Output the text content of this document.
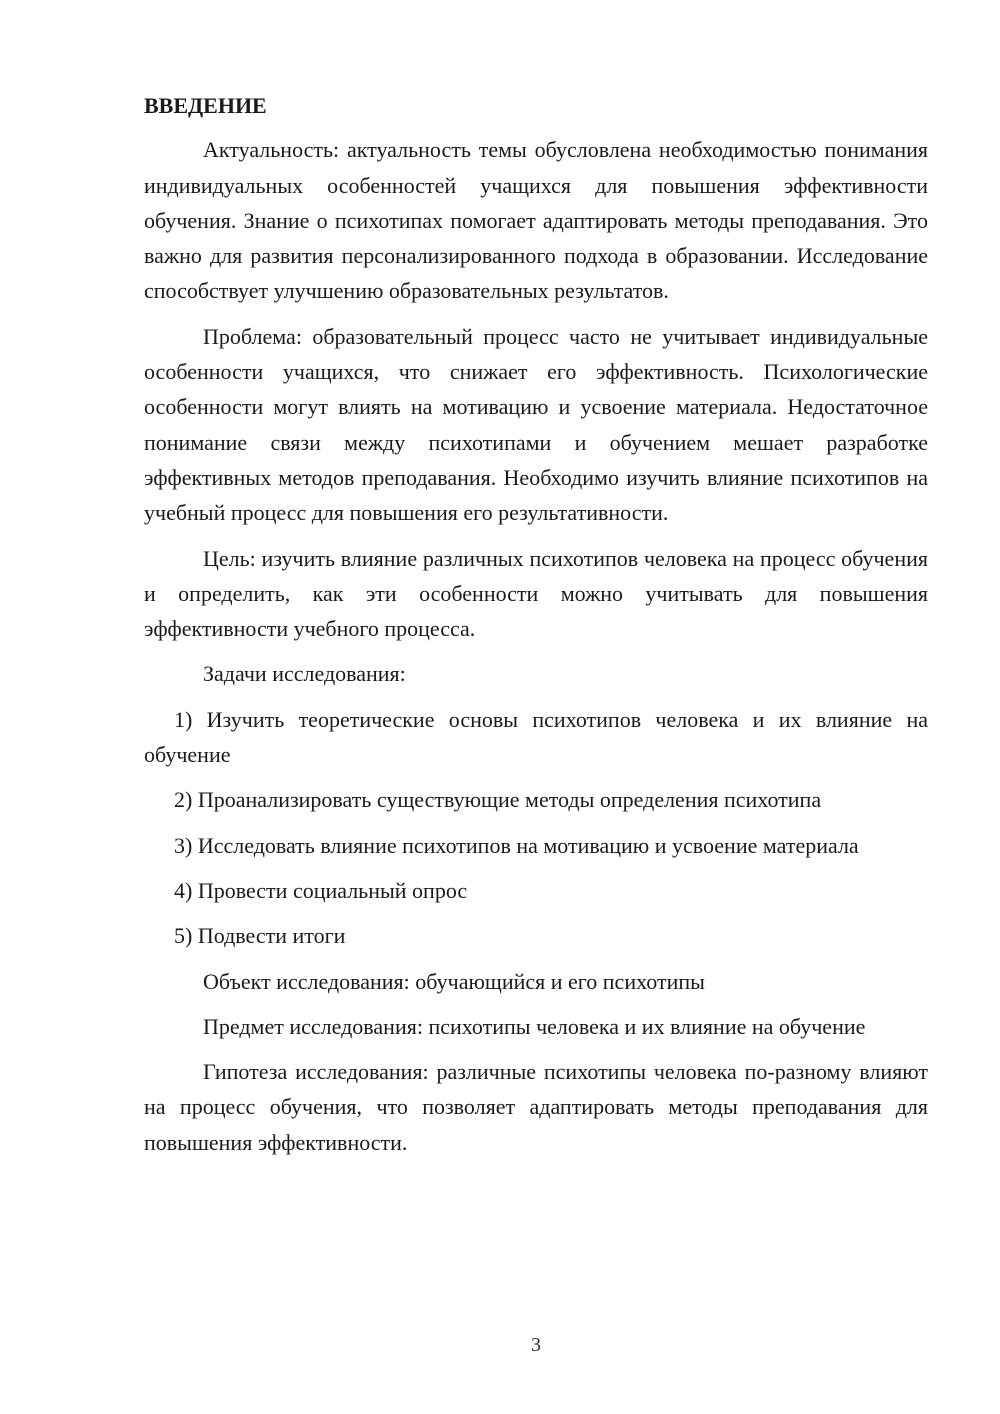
ВВЕДЕНИЕ

Актуальность: актуальность темы обусловлена необходимостью понимания индивидуальных особенностей учащихся для повышения эффективности обучения. Знание о психотипах помогает адаптировать методы преподавания. Это важно для развития персонализированного подхода в образовании. Исследование способствует улучшению образовательных результатов.

Проблема: образовательный процесс часто не учитывает индивидуальные особенности учащихся, что снижает его эффективность. Психологические особенности могут влиять на мотивацию и усвоение материала. Недостаточное понимание связи между психотипами и обучением мешает разработке эффективных методов преподавания. Необходимо изучить влияние психотипов на учебный процесс для повышения его результативности.

Цель: изучить влияние различных психотипов человека на процесс обучения и определить, как эти особенности можно учитывать для повышения эффективности учебного процесса.

Задачи исследования:

1) Изучить теоретические основы психотипов человека и их влияние на обучение

2) Проанализировать существующие методы определения психотипа

3) Исследовать влияние психотипов на мотивацию и усвоение материала

4) Провести социальный опрос

5) Подвести итоги

Объект исследования: обучающийся и его психотипы

Предмет исследования: психотипы человека и их влияние на обучение

Гипотеза исследования: различные психотипы человека по-разному влияют на процесс обучения, что позволяет адаптировать методы преподавания для повышения эффективности.

3
